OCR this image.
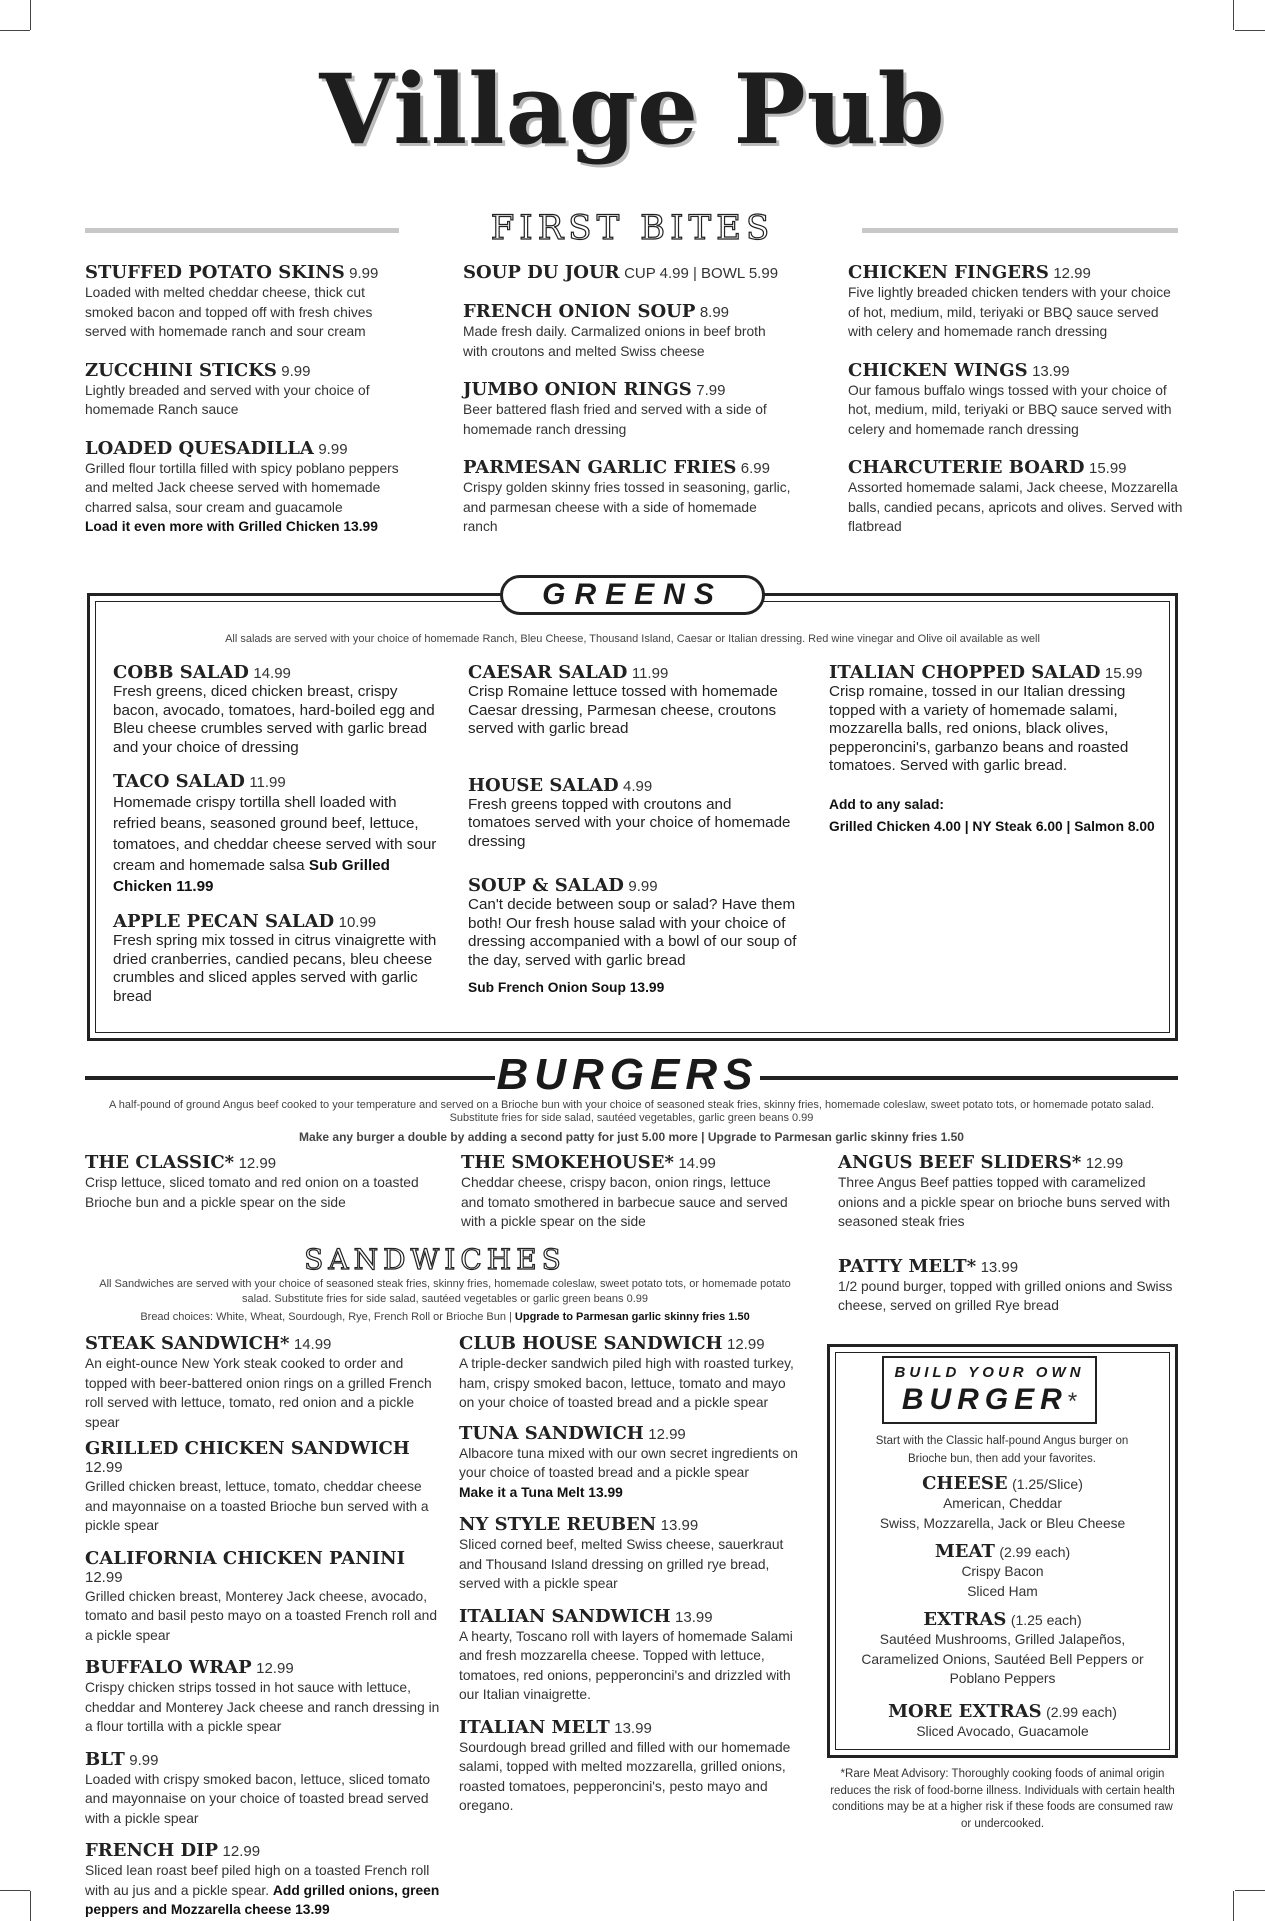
Village Pub
FIRST BITES
STUFFED POTATO SKINS 9.99
Loaded with melted cheddar cheese, thick cut smoked bacon and topped off with fresh chives served with homemade ranch and sour cream
ZUCCHINI STICKS 9.99
Lightly breaded and served with your choice of homemade Ranch sauce
LOADED QUESADILLA 9.99
Grilled flour tortilla filled with spicy poblano peppers and melted Jack cheese served with homemade charred salsa, sour cream and guacamole
Load it even more with Grilled Chicken 13.99
SOUP DU JOUR CUP 4.99 | BOWL 5.99
FRENCH ONION SOUP 8.99
Made fresh daily. Carmalized onions in beef broth with croutons and melted Swiss cheese
JUMBO ONION RINGS 7.99
Beer battered flash fried and served with a side of homemade ranch dressing
PARMESAN GARLIC FRIES 6.99
Crispy golden skinny fries tossed in seasoning, garlic, and parmesan cheese with a side of homemade ranch
CHICKEN FINGERS 12.99
Five lightly breaded chicken tenders with your choice of hot, medium, mild, teriyaki or BBQ sauce served with celery and homemade ranch dressing
CHICKEN WINGS 13.99
Our famous buffalo wings tossed with your choice of hot, medium, mild, teriyaki or BBQ sauce served with celery and homemade ranch dressing
CHARCUTERIE BOARD 15.99
Assorted homemade salami, Jack cheese, Mozzarella balls, candied pecans, apricots and olives. Served with flatbread
GREENS
All salads are served with your choice of homemade Ranch, Bleu Cheese, Thousand Island, Caesar or Italian dressing. Red wine vinegar and Olive oil available as well
COBB SALAD 14.99
Fresh greens, diced chicken breast, crispy bacon, avocado, tomatoes, hard-boiled egg and Bleu cheese crumbles served with garlic bread and your choice of dressing
TACO SALAD 11.99
Homemade crispy tortilla shell loaded with refried beans, seasoned ground beef, lettuce, tomatoes, and cheddar cheese served with sour cream and homemade salsa Sub Grilled Chicken 11.99
APPLE PECAN SALAD 10.99
Fresh spring mix tossed in citrus vinaigrette with dried cranberries, candied pecans, bleu cheese crumbles and sliced apples served with garlic bread
CAESAR SALAD 11.99
Crisp Romaine lettuce tossed with homemade Caesar dressing, Parmesan cheese, croutons served with garlic bread
HOUSE SALAD 4.99
Fresh greens topped with croutons and tomatoes served with your choice of homemade dressing
SOUP & SALAD 9.99
Can't decide between soup or salad? Have them both! Our fresh house salad with your choice of dressing accompanied with a bowl of our soup of the day, served with garlic bread
Sub French Onion Soup 13.99
ITALIAN CHOPPED SALAD 15.99
Crisp romaine, tossed in our Italian dressing topped with a variety of homemade salami, mozzarella balls, red onions, black olives, pepperoncini's, garbanzo beans and roasted tomatoes. Served with garlic bread.
Add to any salad:
Grilled Chicken 4.00 | NY Steak 6.00 | Salmon 8.00
BURGERS
A half-pound of ground Angus beef cooked to your temperature and served on a Brioche bun with your choice of seasoned steak fries, skinny fries, homemade coleslaw, sweet potato tots, or homemade potato salad. Substitute fries for side salad, sautéed vegetables, garlic green beans 0.99
Make any burger a double by adding a second patty for just 5.00 more | Upgrade to Parmesan garlic skinny fries 1.50
THE CLASSIC* 12.99
Crisp lettuce, sliced tomato and red onion on a toasted Brioche bun and a pickle spear on the side
THE SMOKEHOUSE* 14.99
Cheddar cheese, crispy bacon, onion rings, lettuce and tomato smothered in barbecue sauce and served with a pickle spear on the side
ANGUS BEEF SLIDERS* 12.99
Three Angus Beef patties topped with caramelized onions and a pickle spear on brioche buns served with seasoned steak fries
PATTY MELT* 13.99
1/2 pound burger, topped with grilled onions and Swiss cheese, served on grilled Rye bread
SANDWICHES
All Sandwiches are served with your choice of seasoned steak fries, skinny fries, homemade coleslaw, sweet potato tots, or homemade potato salad. Substitute fries for side salad, sautéed vegetables or garlic green beans 0.99
Bread choices: White, Wheat, Sourdough, Rye, French Roll or Brioche Bun | Upgrade to Parmesan garlic skinny fries 1.50
STEAK SANDWICH* 14.99
An eight-ounce New York steak cooked to order and topped with beer-battered onion rings on a grilled French roll served with lettuce, tomato, red onion and a pickle spear
GRILLED CHICKEN SANDWICH 12.99
Grilled chicken breast, lettuce, tomato, cheddar cheese and mayonnaise on a toasted Brioche bun served with a pickle spear
CALIFORNIA CHICKEN PANINI 12.99
Grilled chicken breast, Monterey Jack cheese, avocado, tomato and basil pesto mayo on a toasted French roll and a pickle spear
BUFFALO WRAP 12.99
Crispy chicken strips tossed in hot sauce with lettuce, cheddar and Monterey Jack cheese and ranch dressing in a flour tortilla with a pickle spear
BLT 9.99
Loaded with crispy smoked bacon, lettuce, sliced tomato and mayonnaise on your choice of toasted bread served with a pickle spear
FRENCH DIP 12.99
Sliced lean roast beef piled high on a toasted French roll with au jus and a pickle spear. Add grilled onions, green peppers and Mozzarella cheese 13.99
CLUB HOUSE SANDWICH 12.99
A triple-decker sandwich piled high with roasted turkey, ham, crispy smoked bacon, lettuce, tomato and mayo on your choice of toasted bread and a pickle spear
TUNA SANDWICH 12.99
Albacore tuna mixed with our own secret ingredients on your choice of toasted bread and a pickle spear
Make it a Tuna Melt 13.99
NY STYLE REUBEN 13.99
Sliced corned beef, melted Swiss cheese, sauerkraut and Thousand Island dressing on grilled rye bread, served with a pickle spear
ITALIAN SANDWICH 13.99
A hearty, Toscano roll with layers of homemade Salami and fresh mozzarella cheese. Topped with lettuce, tomatoes, red onions, pepperoncini's and drizzled with our Italian vinaigrette.
ITALIAN MELT 13.99
Sourdough bread grilled and filled with our homemade salami, topped with melted mozzarella, grilled onions, roasted tomatoes, pepperoncini's, pesto mayo and oregano.
BUILD YOUR OWN
BURGER*
Start with the Classic half-pound Angus burger on Brioche bun, then add your favorites.
CHEESE (1.25/Slice)
American, Cheddar
Swiss, Mozzarella, Jack or Bleu Cheese
MEAT (2.99 each)
Crispy Bacon
Sliced Ham
EXTRAS (1.25 each)
Sautéed Mushrooms, Grilled Jalapeños,
Caramelized Onions, Sautéed Bell Peppers or
Poblano Peppers
MORE EXTRAS (2.99 each)
Sliced Avocado, Guacamole
*Rare Meat Advisory: Thoroughly cooking foods of animal origin reduces the risk of food-borne illness. Individuals with certain health conditions may be at a higher risk if these foods are consumed raw or undercooked.
